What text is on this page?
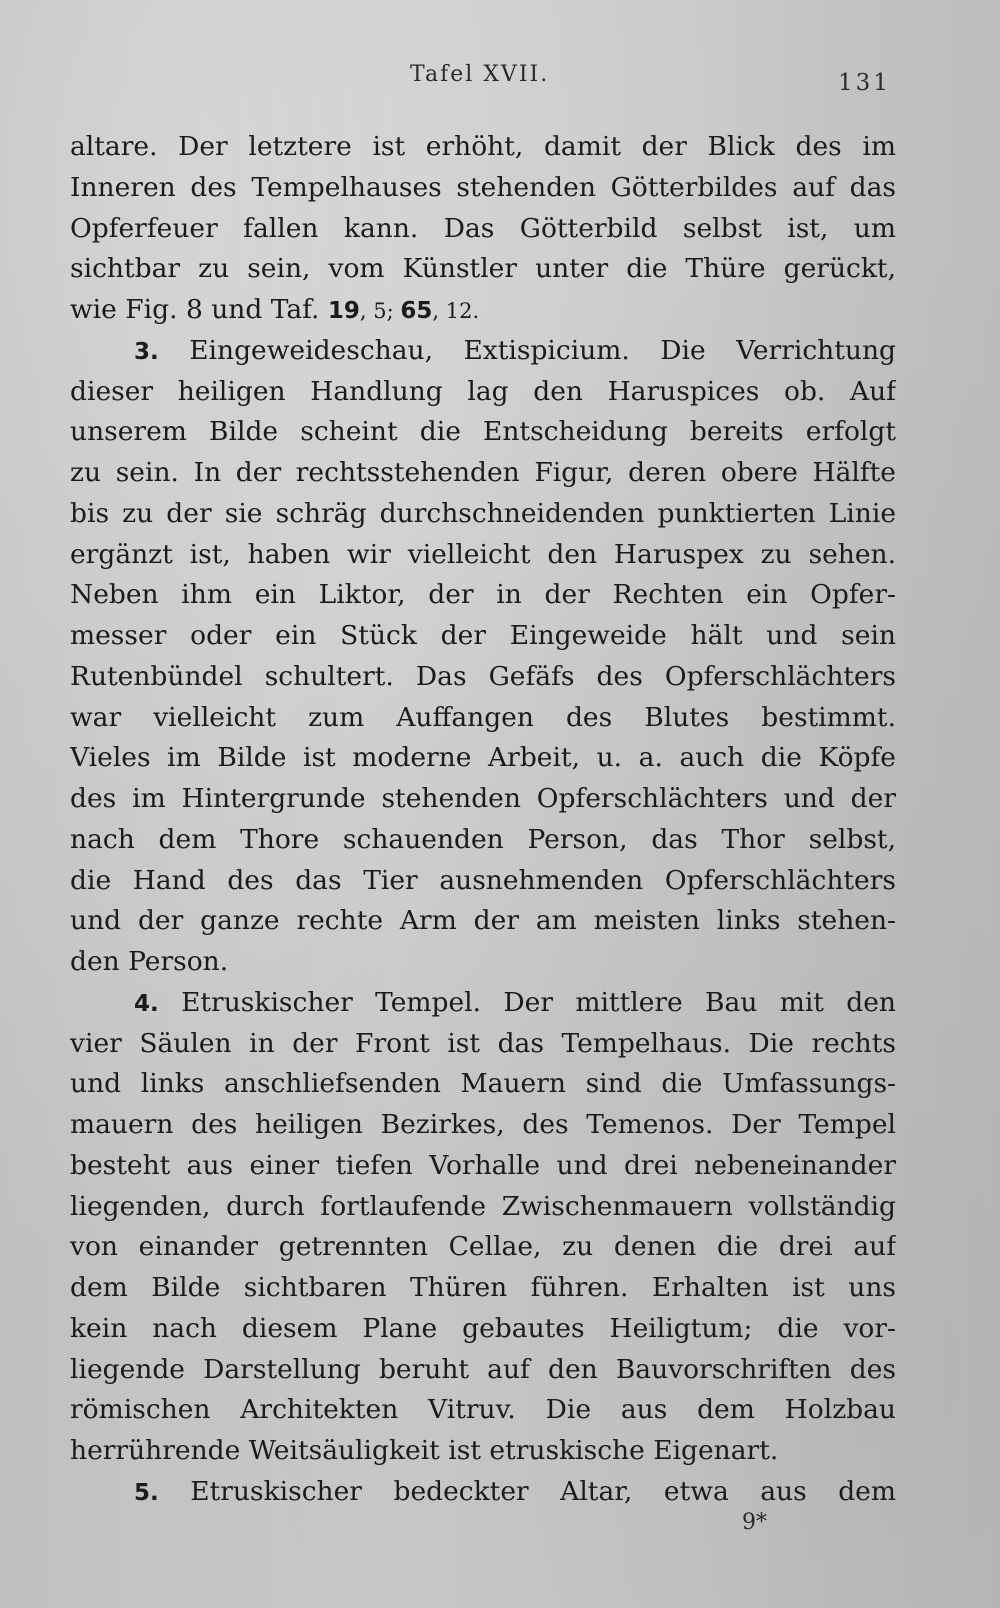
Tafel XVII.	131
altare. Der letztere ist erhöht, damit der Blick des im
Inneren des Tempelhauses stehenden Götterbildes auf das
Opferfeuer fallen kann. Das Götterbild selbst ist, um
sichtbar zu sein, vom Künstler unter die Thüre gerückt,
wie Fig. 8 und Taf. 19, 5; 65, 12.
3. Eingeweideschau, Extispicium. Die Verrichtung
dieser heiligen Handlung lag den Haruspices ob. Auf
unserem Bilde scheint die Entscheidung bereits erfolgt
zu sein. In der rechtsstehenden Figur, deren obere Hälfte
bis zu der sie schräg durchschneidenden punktierten Linie
ergänzt ist, haben wir vielleicht den Haruspex zu sehen.
Neben ihm ein Liktor, der in der Rechten ein Opfer-
messer oder ein Stück der Eingeweide hält und sein
Rutenbündel schultert. Das Gefäfs des Opferschlächters
war vielleicht zum Auffangen des Blutes bestimmt.
Vieles im Bilde ist moderne Arbeit, u. a. auch die Köpfe
des im Hintergrunde stehenden Opferschlächters und der
nach dem Thore schauenden Person, das Thor selbst,
die Hand des das Tier ausnehmenden Opferschlächters
und der ganze rechte Arm der am meisten links stehen-
den Person.
4. Etruskischer Tempel. Der mittlere Bau mit den
vier Säulen in der Front ist das Tempelhaus. Die rechts
und links anschliefsenden Mauern sind die Umfassungs-
mauern des heiligen Bezirkes, des Temenos. Der Tempel
besteht aus einer tiefen Vorhalle und drei nebeneinander
liegenden, durch fortlaufende Zwischenmauern vollständig
von einander getrennten Cellae, zu denen die drei auf
dem Bilde sichtbaren Thüren führen. Erhalten ist uns
kein nach diesem Plane gebautes Heiligtum; die vor-
liegende Darstellung beruht auf den Bauvorschriften des
römischen Architekten Vitruv. Die aus dem Holzbau
herrührende Weitsäuligkeit ist etruskische Eigenart.
5. Etruskischer bedeckter Altar, etwa aus dem
9*
